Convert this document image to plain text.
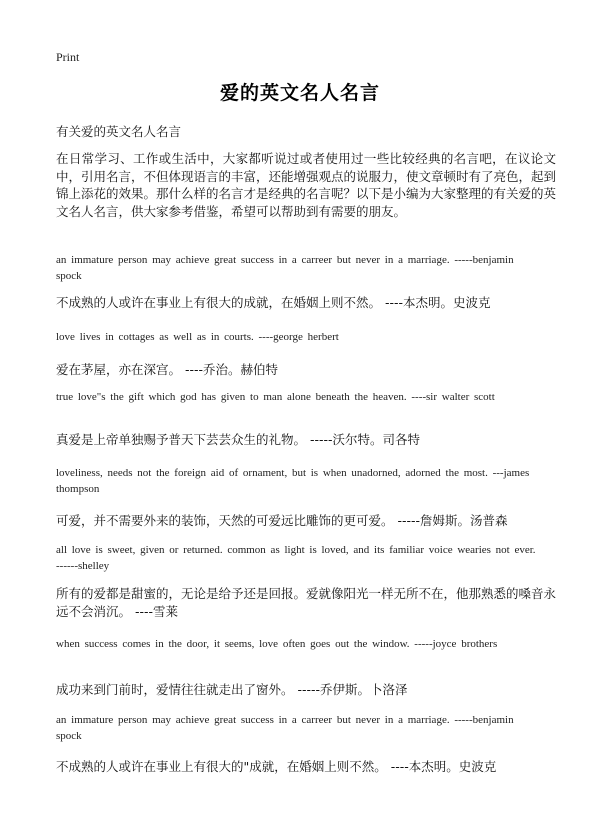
Print
爱的英文名人名言
有关爱的英文名人名言
在日常学习、工作或生活中，大家都听说过或者使用过一些比较经典的名言吧，在议论文中，引用名言，不但体现语言的丰富，还能增强观点的说服力，使文章顿时有了亮色，起到锦上添花的效果。那什么样的名言才是经典的名言呢？以下是小编为大家整理的有关爱的英文名人名言，供大家参考借鉴，希望可以帮助到有需要的朋友。
an immature person may achieve great success in a carreer but never in a marriage. -----benjamin spock
不成熟的人或许在事业上有很大的成就，在婚姻上则不然。 ----本杰明。史波克
love lives in cottages as well as in courts. ----george herbert
爱在茅屋，亦在深宫。 ----乔治。赫伯特
true love"s the gift which god has given to man alone beneath the heaven. ----sir walter scott
真爱是上帝单独赐予普天下芸芸众生的礼物。 -----沃尔特。司各特
loveliness, needs not the foreign aid of ornament, but is when unadorned, adorned the most. ---james thompson
可爱，并不需要外来的装饰，天然的可爱远比雕饰的更可爱。 -----詹姆斯。汤普森
all love is sweet, given or returned. common as light is loved, and its familiar voice wearies not ever. ------shelley
所有的爱都是甜蜜的，无论是给予还是回报。爱就像阳光一样无所不在，他那熟悉的嗓音永远不会消沉。 ----雪莱
when success comes in the door, it seems, love often goes out the window. -----joyce brothers
成功来到门前时，爱情往往就走出了窗外。 -----乔伊斯。卜洛泽
an immature person may achieve great success in a carreer but never in a marriage. -----benjamin spock
不成熟的人或许在事业上有很大的"成就，在婚姻上则不然。 ----本杰明。史波克
